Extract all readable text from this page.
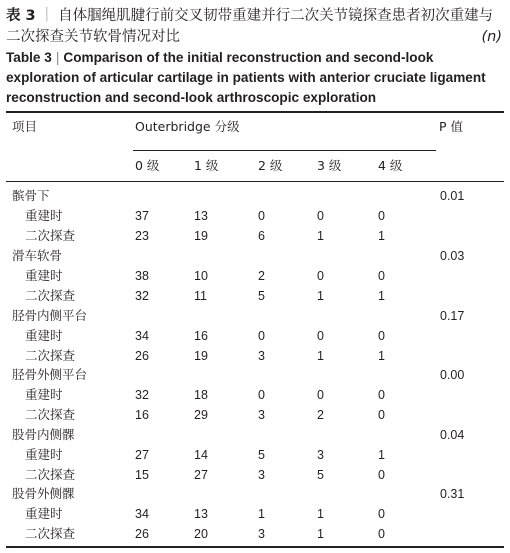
表 3 ｜ 自体腘绳肌腱行前交叉韧带重建并行二次关节镜探查患者初次重建与二次探查关节软骨情况对比	(n)
Table 3 | Comparison of the initial reconstruction and second-look exploration of articular cartilage in patients with anterior cruciate ligament reconstruction and second-look arthroscopic exploration
项目	Outerbridge 分级	P 值
0 级	1 级	2 级	3 级	4 级
髌骨下	0.01
重建时	37	13	0	0	0
二次探查	23	19	6	1	1
滑车软骨	0.03
重建时	38	10	2	0	0
二次探查	32	11	5	1	1
胫骨内侧平台	0.17
重建时	34	16	0	0	0
二次探查	26	19	3	1	1
胫骨外侧平台	0.00
重建时	32	18	0	0	0
二次探查	16	29	3	2	0
股骨内侧髁	0.04
重建时	27	14	5	3	1
二次探查	15	27	3	5	0
股骨外侧髁	0.31
重建时	34	13	1	1	0
二次探查	26	20	3	1	0
